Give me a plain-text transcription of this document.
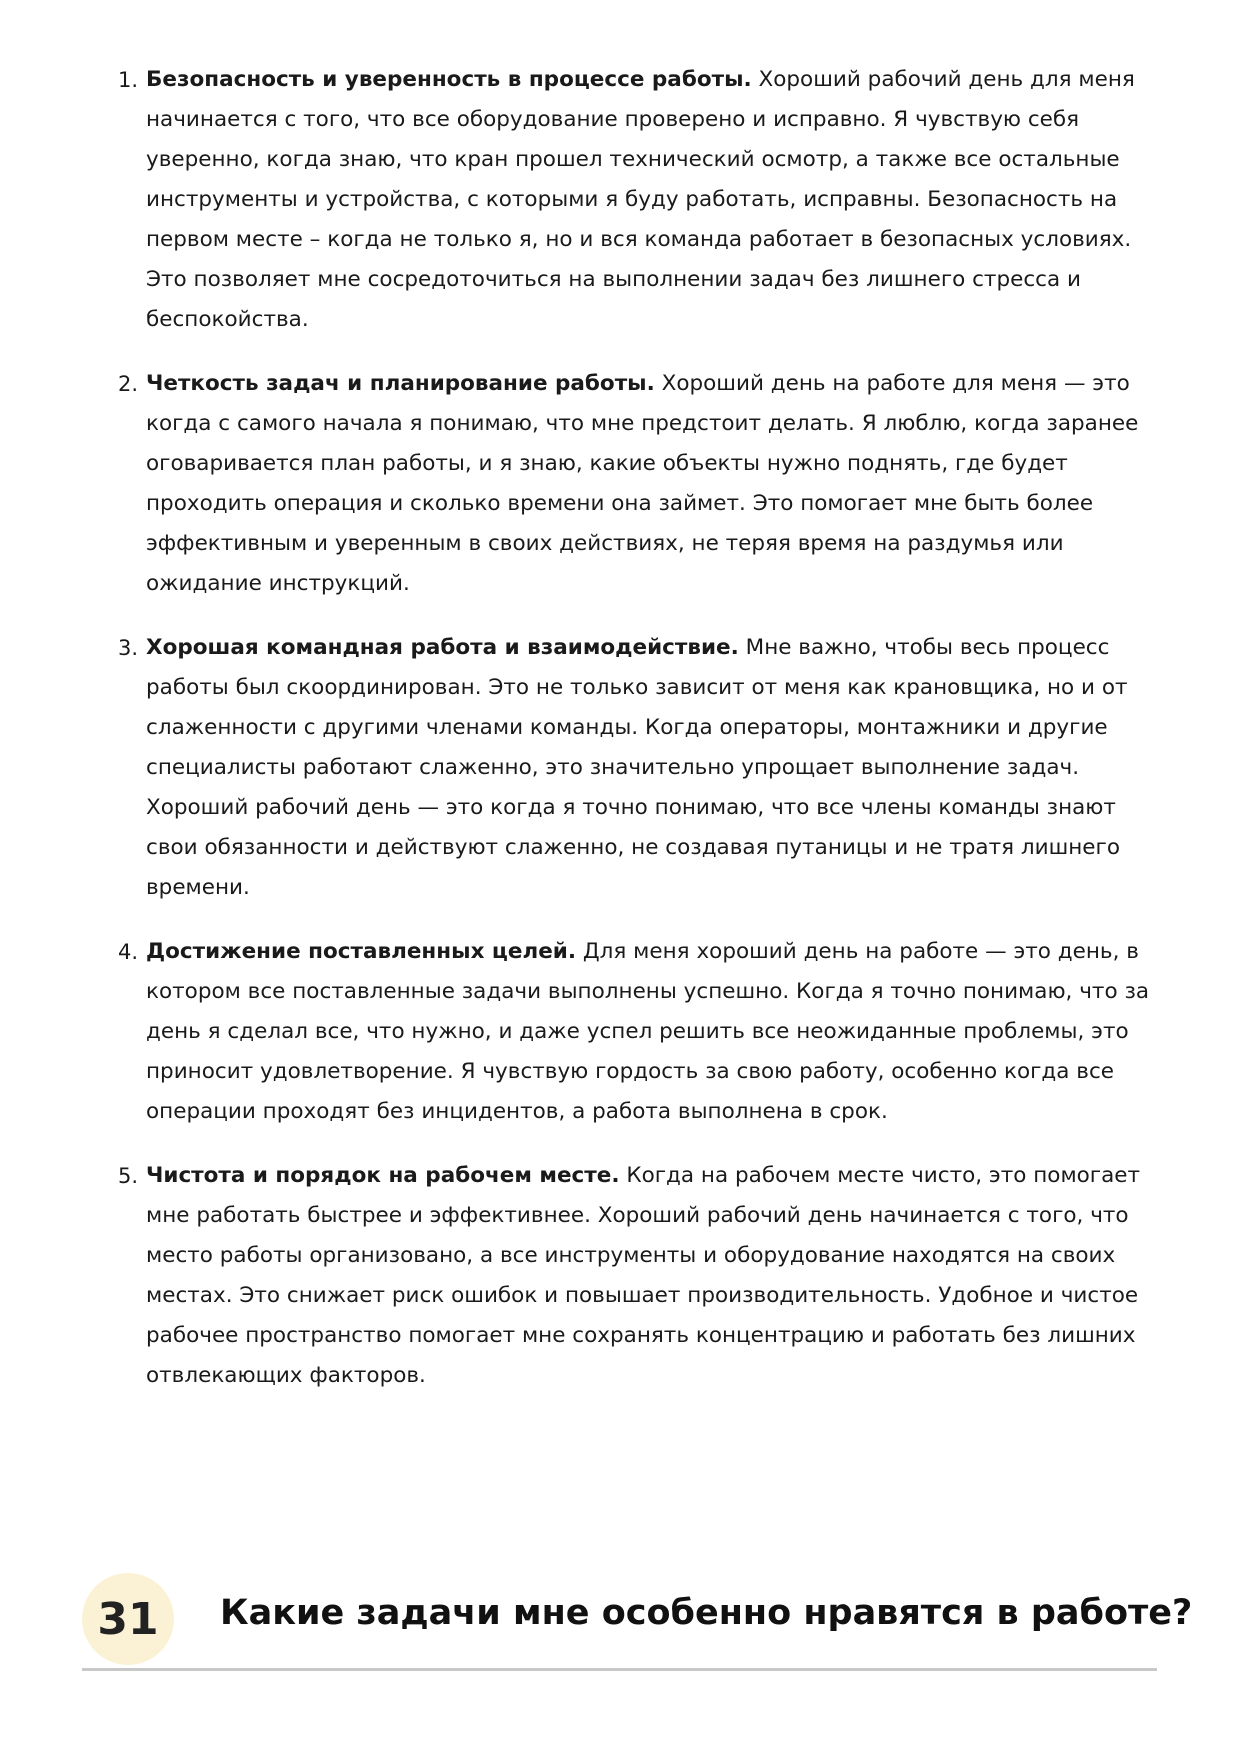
1. Безопасность и уверенность в процессе работы. Хороший рабочий день для меня начинается с того, что все оборудование проверено и исправно. Я чувствую себя уверенно, когда знаю, что кран прошел технический осмотр, а также все остальные инструменты и устройства, с которыми я буду работать, исправны. Безопасность на первом месте – когда не только я, но и вся команда работает в безопасных условиях. Это позволяет мне сосредоточиться на выполнении задач без лишнего стресса и беспокойства.

2. Четкость задач и планирование работы. Хороший день на работе для меня — это когда с самого начала я понимаю, что мне предстоит делать. Я люблю, когда заранее оговаривается план работы, и я знаю, какие объекты нужно поднять, где будет проходить операция и сколько времени она займет. Это помогает мне быть более эффективным и уверенным в своих действиях, не теряя время на раздумья или ожидание инструкций.

3. Хорошая командная работа и взаимодействие. Мне важно, чтобы весь процесс работы был скоординирован. Это не только зависит от меня как крановщика, но и от слаженности с другими членами команды. Когда операторы, монтажники и другие специалисты работают слаженно, это значительно упрощает выполнение задач. Хороший рабочий день — это когда я точно понимаю, что все члены команды знают свои обязанности и действуют слаженно, не создавая путаницы и не тратя лишнего времени.

4. Достижение поставленных целей. Для меня хороший день на работе — это день, в котором все поставленные задачи выполнены успешно. Когда я точно понимаю, что за день я сделал все, что нужно, и даже успел решить все неожиданные проблемы, это приносит удовлетворение. Я чувствую гордость за свою работу, особенно когда все операции проходят без инцидентов, а работа выполнена в срок.

5. Чистота и порядок на рабочем месте. Когда на рабочем месте чисто, это помогает мне работать быстрее и эффективнее. Хороший рабочий день начинается с того, что место работы организовано, а все инструменты и оборудование находятся на своих местах. Это снижает риск ошибок и повышает производительность. Удобное и чистое рабочее пространство помогает мне сохранять концентрацию и работать без лишних отвлекающих факторов.

31	Какие задачи мне особенно нравятся в работе?
